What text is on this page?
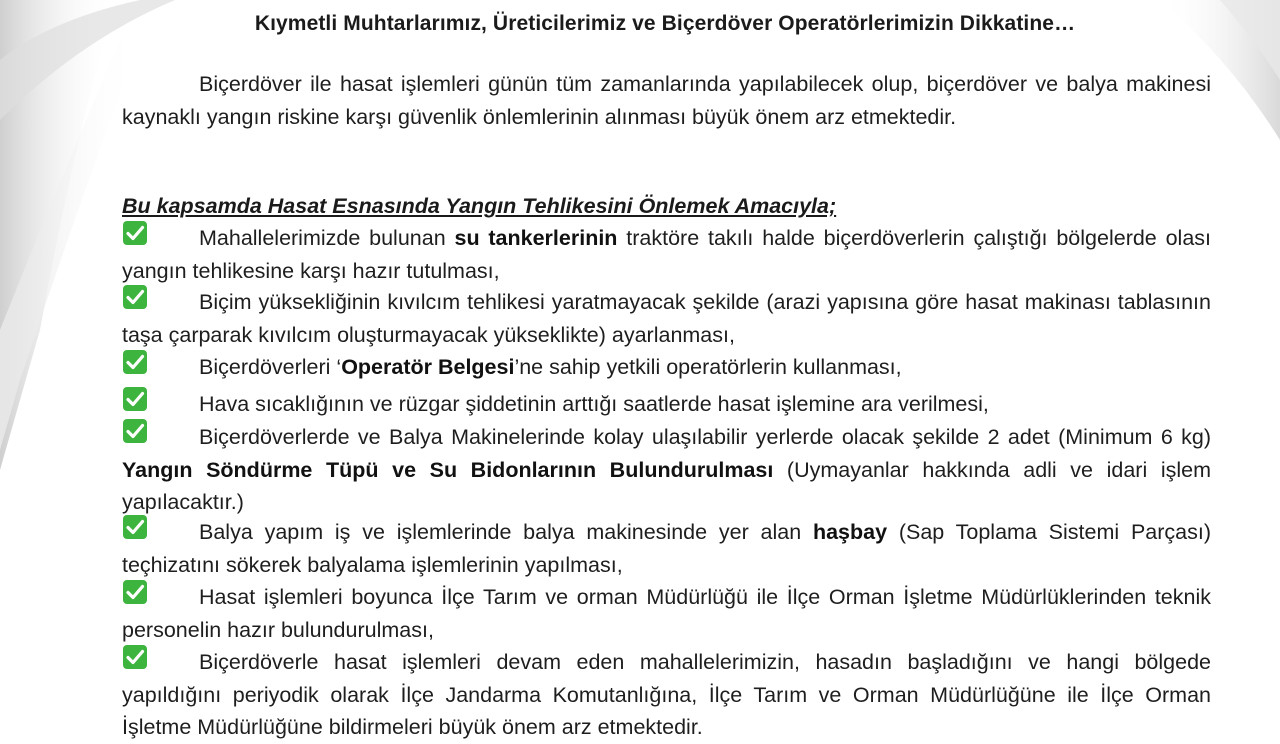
Kıymetli Muhtarlarımız, Üreticilerimiz ve Biçerdöver Operatörlerimizin Dikkatine…
Biçerdöver ile hasat işlemleri günün tüm zamanlarında yapılabilecek olup, biçerdöver ve balya makinesi kaynaklı yangın riskine karşı güvenlik önlemlerinin alınması büyük önem arz etmektedir.
Bu kapsamda Hasat Esnasında Yangın Tehlikesini Önlemek Amacıyla;
Mahallelerimizde bulunan su tankerlerinin traktöre takılı halde biçerdöverlerin çalıştığı bölgelerde olası yangın tehlikesine karşı hazır tutulması,
Biçim yüksekliğinin kıvılcım tehlikesi yaratmayacak şekilde (arazi yapısına göre hasat makinası tablasının taşa çarparak kıvılcım oluşturmayacak yükseklikte) ayarlanması,
Biçerdöverleri ‘Operatör Belgesi’ne sahip yetkili operatörlerin kullanması,
Hava sıcaklığının ve rüzgar şiddetinin arttığı saatlerde hasat işlemine ara verilmesi,
Biçerdöverlerde ve Balya Makinelerinde kolay ulaşılabilir yerlerde olacak şekilde 2 adet (Minimum 6 kg) Yangın Söndürme Tüpü ve Su Bidonlarının Bulundurulması (Uymayanlar hakkında adli ve idari işlem yapılacaktır.)
Balya yapım iş ve işlemlerinde balya makinesinde yer alan haşbay (Sap Toplama Sistemi Parçası) teçhizatını sökerek balyalama işlemlerinin yapılması,
Hasat işlemleri boyunca İlçe Tarım ve orman Müdürlüğü ile İlçe Orman İşletme Müdürlüklerinden teknik personelin hazır bulundurulması,
Biçerdöverle hasat işlemleri devam eden mahallelerimizin, hasadın başladığını ve hangi bölgede yapıldığını periyodik olarak İlçe Jandarma Komutanlığına, İlçe Tarım ve Orman Müdürlüğüne ile İlçe Orman İşletme Müdürlüğüne bildirmeleri büyük önem arz etmektedir.
